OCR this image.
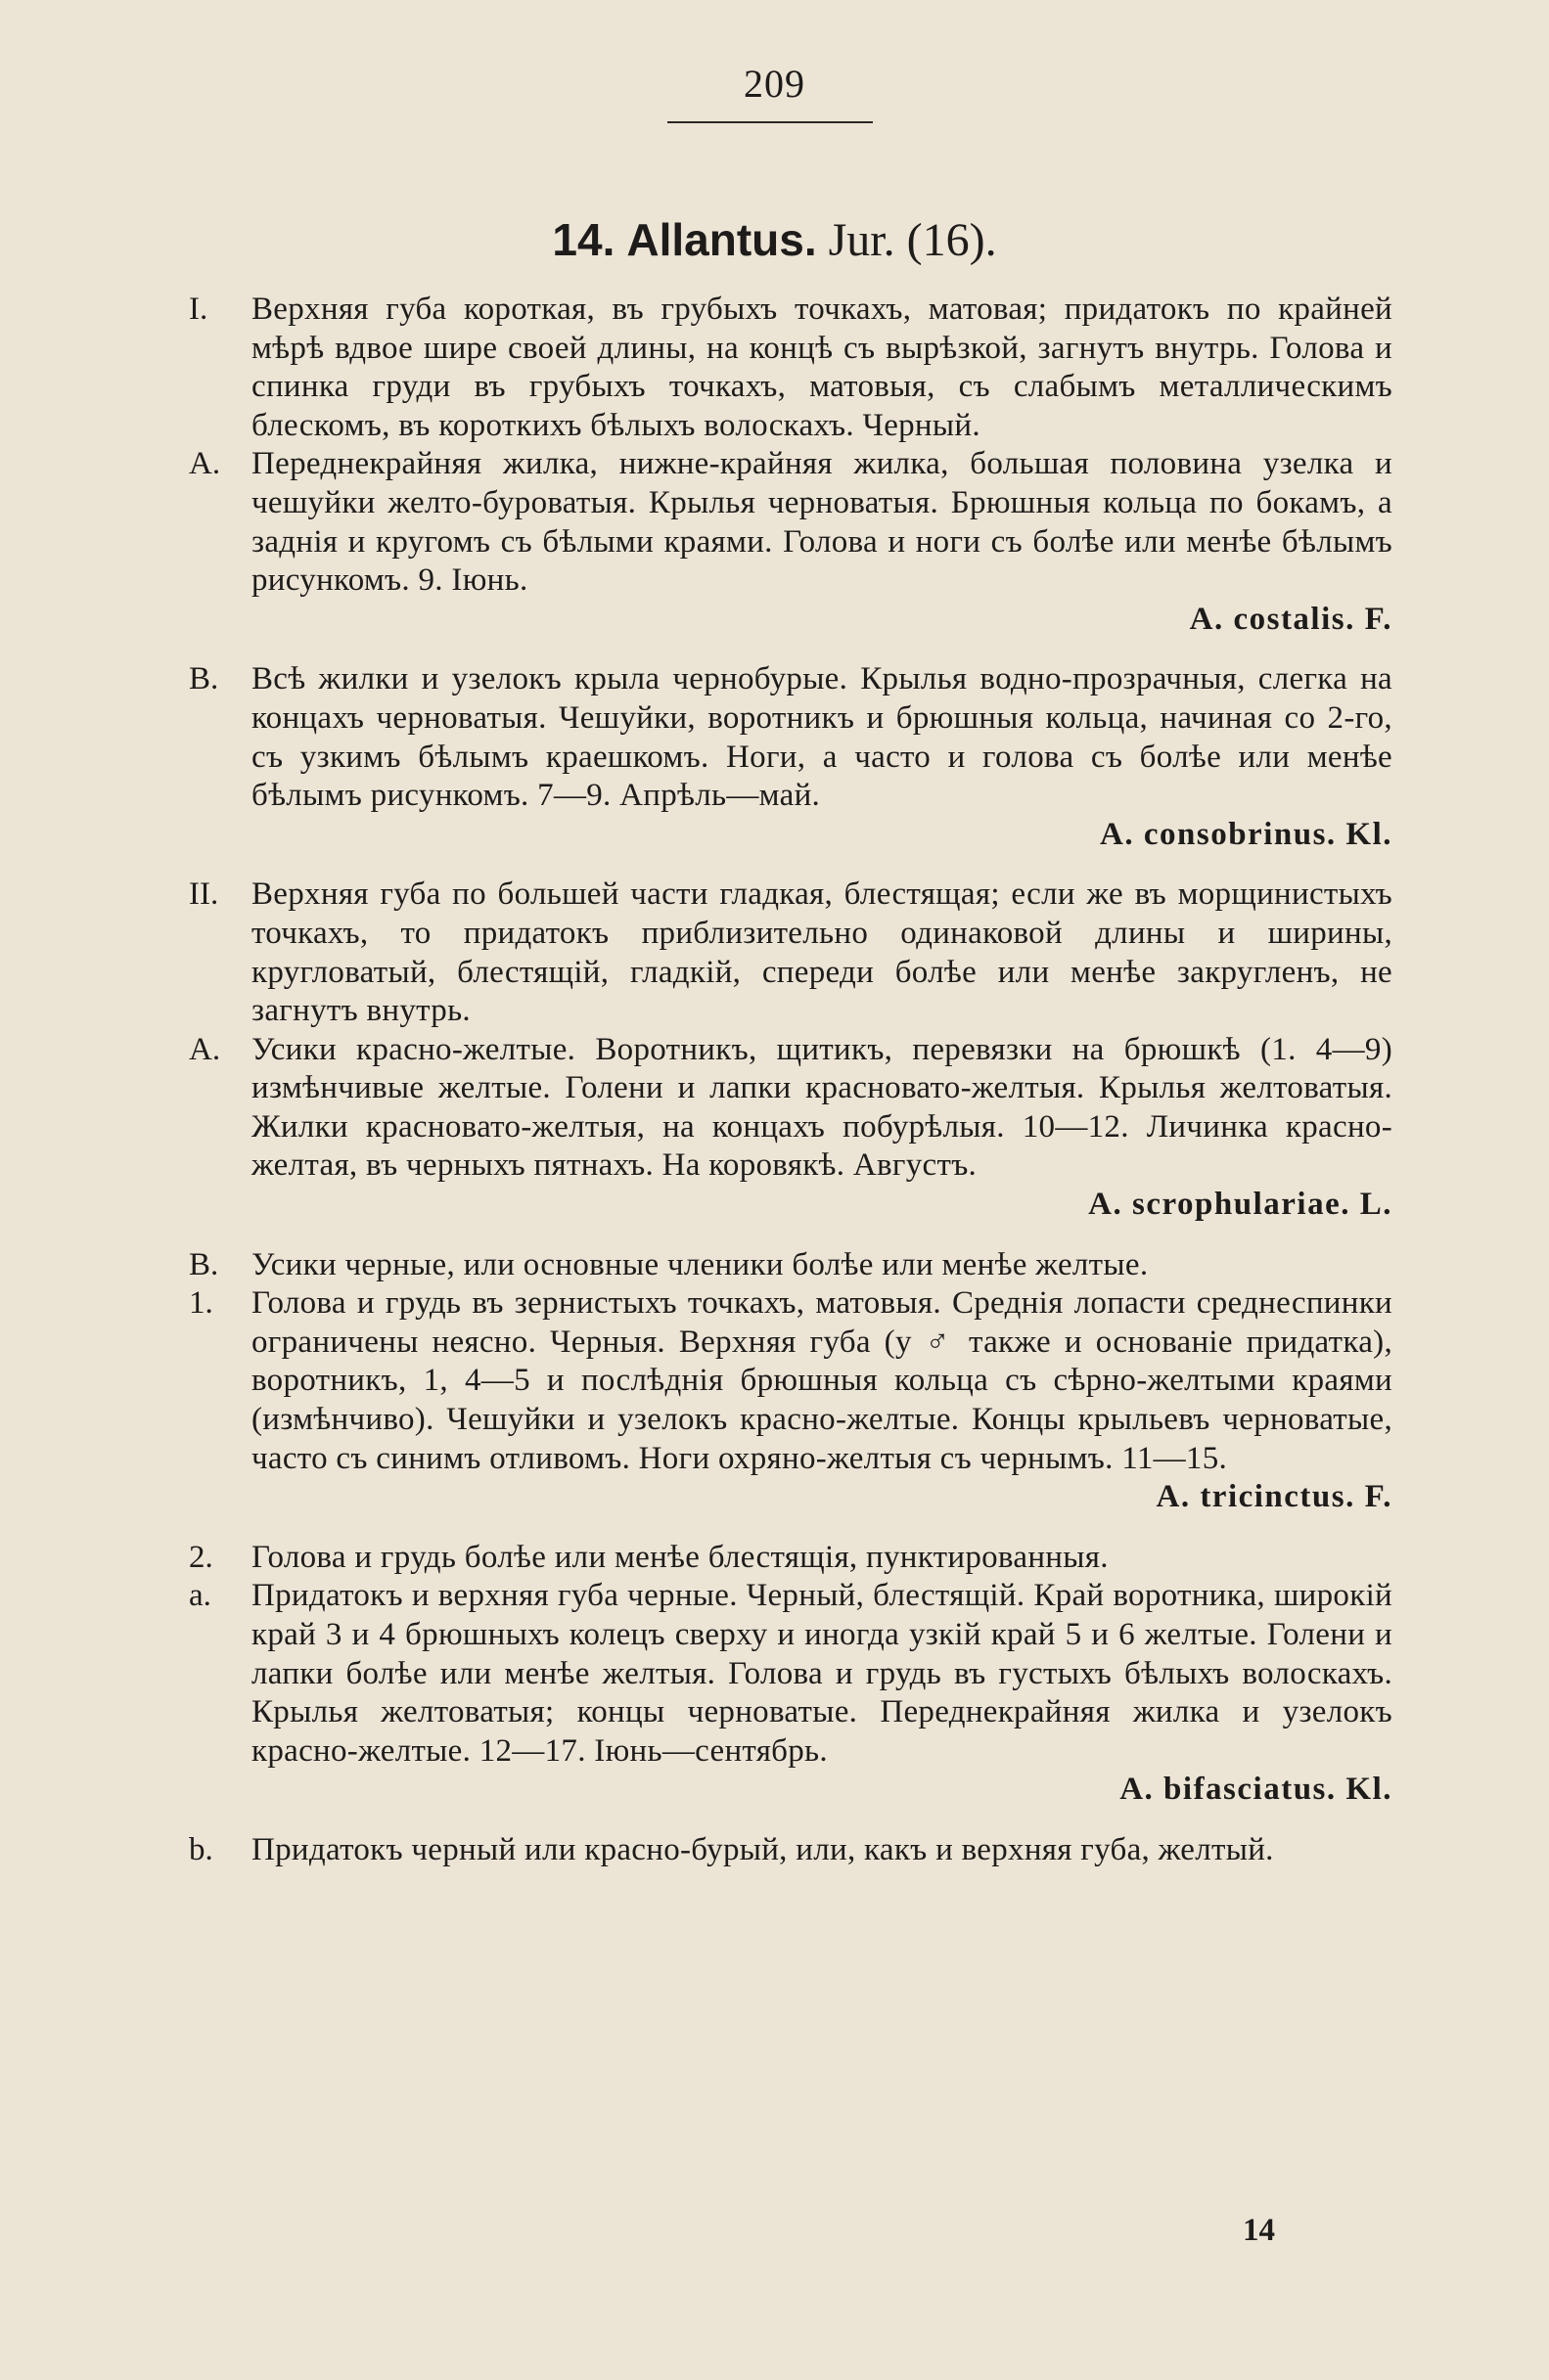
209
14. Allantus. Jur. (16).
I.	Верхняя губа короткая, въ грубыхъ точкахъ, матовая; придатокъ по крайней мѣрѣ вдвое шире своей длины, на концѣ съ вырѣзкой, загнутъ внутрь. Голова и спинка груди въ грубыхъ точкахъ, матовыя, съ слабымъ металлическимъ блескомъ, въ короткихъ бѣлыхъ волоскахъ. Черный.
A. Переднекрайняя жилка, нижне-крайняя жилка, большая половина узелка и чешуйки желто-буроватыя. Крылья черноватыя. Брюшныя кольца по бокамъ, а заднія и кругомъ съ бѣлыми краями. Голова и ноги съ болѣе или менѣе бѣлымъ рисункомъ. 9. Іюнь.
A. costalis. F.
B.	Всѣ жилки и узелокъ крыла чернобурые. Крылья водно-прозрачныя, слегка на концахъ черноватыя. Чешуйки, воротникъ и брюшныя кольца, начиная со 2-го, съ узкимъ бѣлымъ краешкомъ. Ноги, а часто и голова съ болѣе или менѣе бѣлымъ рисункомъ. 7—9. Апрѣль—май.
A. consobrinus. Kl.
II.	Верхняя губа по большей части гладкая, блестящая; если же въ морщинистыхъ точкахъ, то придатокъ приблизительно одинаковой длины и ширины, кругловатый, блестящій, гладкій, спереди болѣе или менѣе закругленъ, не загнутъ внутрь.
A. Усики красно-желтые. Воротникъ, щитикъ, перевязки на брюшкѣ (1. 4—9) измѣнчивые желтые. Голени и лапки красновато-желтыя. Крылья желтоватыя. Жилки красновато-желтыя, на концахъ побурѣлыя. 10—12. Личинка красно-желтая, въ черныхъ пятнахъ. На коровякѣ. Августъ.
A. scrophulariae. L.
B.	Усики черные, или основные членики болѣе или менѣе желтые.
1.	Голова и грудь въ зернистыхъ точкахъ, матовыя. Среднія лопасти среднеспинки ограничены неясно. Черныя. Верхняя губа (у ♂ также и основаніе придатка), воротникъ, 1, 4—5 и послѣднія брюшныя кольца съ сѣрно-желтыми краями (измѣнчиво). Чешуйки и узелокъ красно-желтые. Концы крыльевъ черноватые, часто съ синимъ отливомъ. Ноги охряно-желтыя съ чернымъ. 11—15.
A. tricinctus. F.
2.	Голова и грудь болѣе или менѣе блестящія, пунктированныя.
a.	Придатокъ и верхняя губа черные. Черный, блестящій. Край воротника, широкій край 3 и 4 брюшныхъ колецъ сверху и иногда узкій край 5 и 6 желтые. Голени и лапки болѣе или менѣе желтыя. Голова и грудь въ густыхъ бѣлыхъ волоскахъ. Крылья желтоватыя; концы черноватые. Переднекрайняя жилка и узелокъ красно-желтые. 12—17. Іюнь—сентябрь.
A. bifasciatus. Kl.
b.	Придатокъ черный или красно-бурый, или, какъ и верхняя губа, желтый.
14
